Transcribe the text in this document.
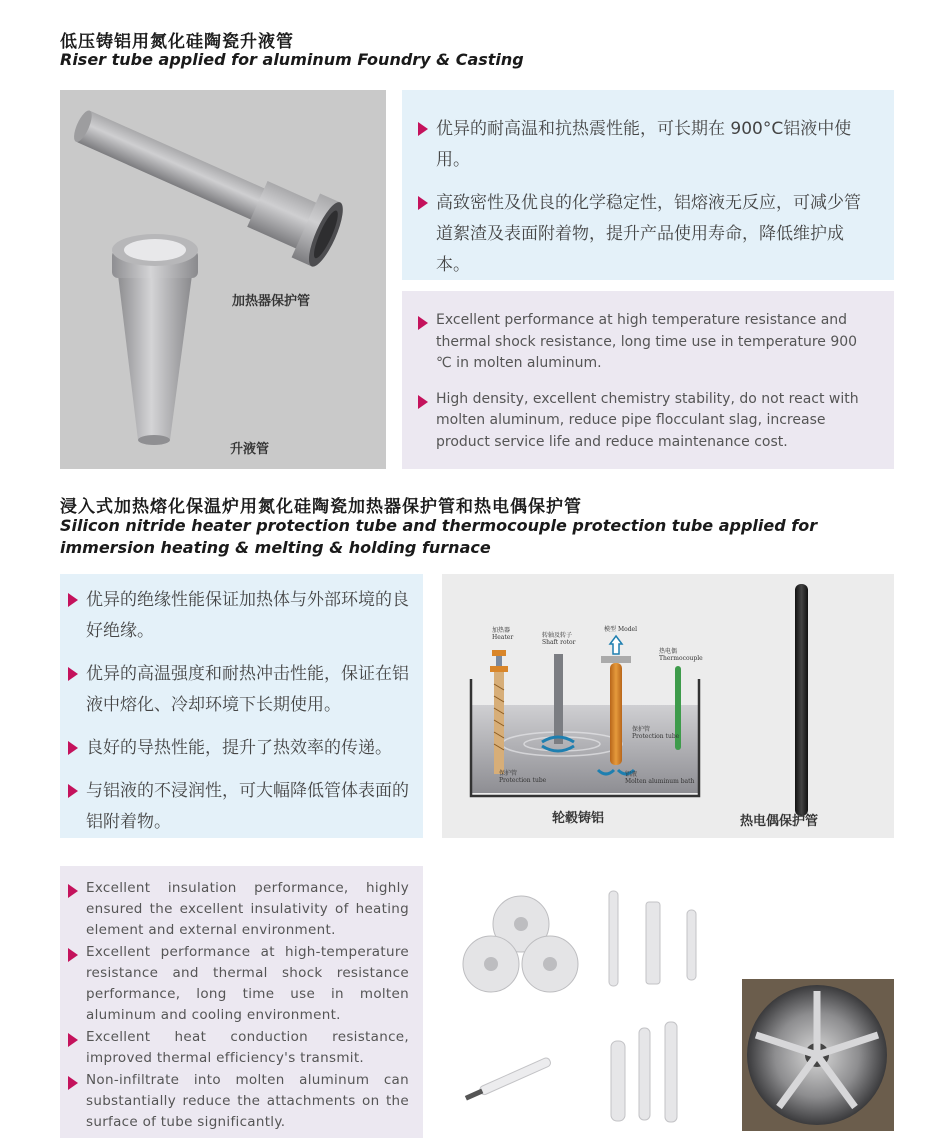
低压铸铝用氮化硅陶瓷升液管
Riser tube applied for aluminum Foundry & Casting
加热器保护管
升液管
优异的耐高温和抗热震性能，可长期在 900°C铝液中使用。
高致密性及优良的化学稳定性，铝熔液无反应，可减少管道絮渣及表面附着物，提升产品使用寿命，降低维护成本。
Excellent performance at high temperature resistance and thermal shock resistance, long time use in temperature 900 ℃ in molten aluminum.
High density, excellent chemistry stability, do not react with molten aluminum, reduce pipe flocculant slag, increase product service life and reduce maintenance cost.
浸入式加热熔化保温炉用氮化硅陶瓷加热器保护管和热电偶保护管
Silicon nitride heater protection tube and thermocouple protection tube applied for immersion heating & melting & holding furnace
优异的绝缘性能保证加热体与外部环境的良好绝缘。
优异的高温强度和耐热冲击性能，保证在铝液中熔化、冷却环境下长期使用。
良好的导热性能，提升了热效率的传递。
与铝液的不浸润性，可大幅降低管体表面的铝附着物。
加热器
Heater	转轴及转子
Shaft rotor
模型 Model
热电偶
Thermocouple
保护管
Protection tube
保护管
Protection tube
铝液
Molten aluminum bath
轮毂铸铝	热电偶保护管
Excellent insulation performance, highly ensured the excellent insulativity of heating element and external environment.
Excellent performance at high-temperature resistance and thermal shock resistance performance, long time use in molten aluminum and cooling environment.
Excellent heat conduction resistance, improved thermal efficiency's transmit.
Non-infiltrate into molten aluminum can substantially reduce the attachments on the surface of tube significantly.
